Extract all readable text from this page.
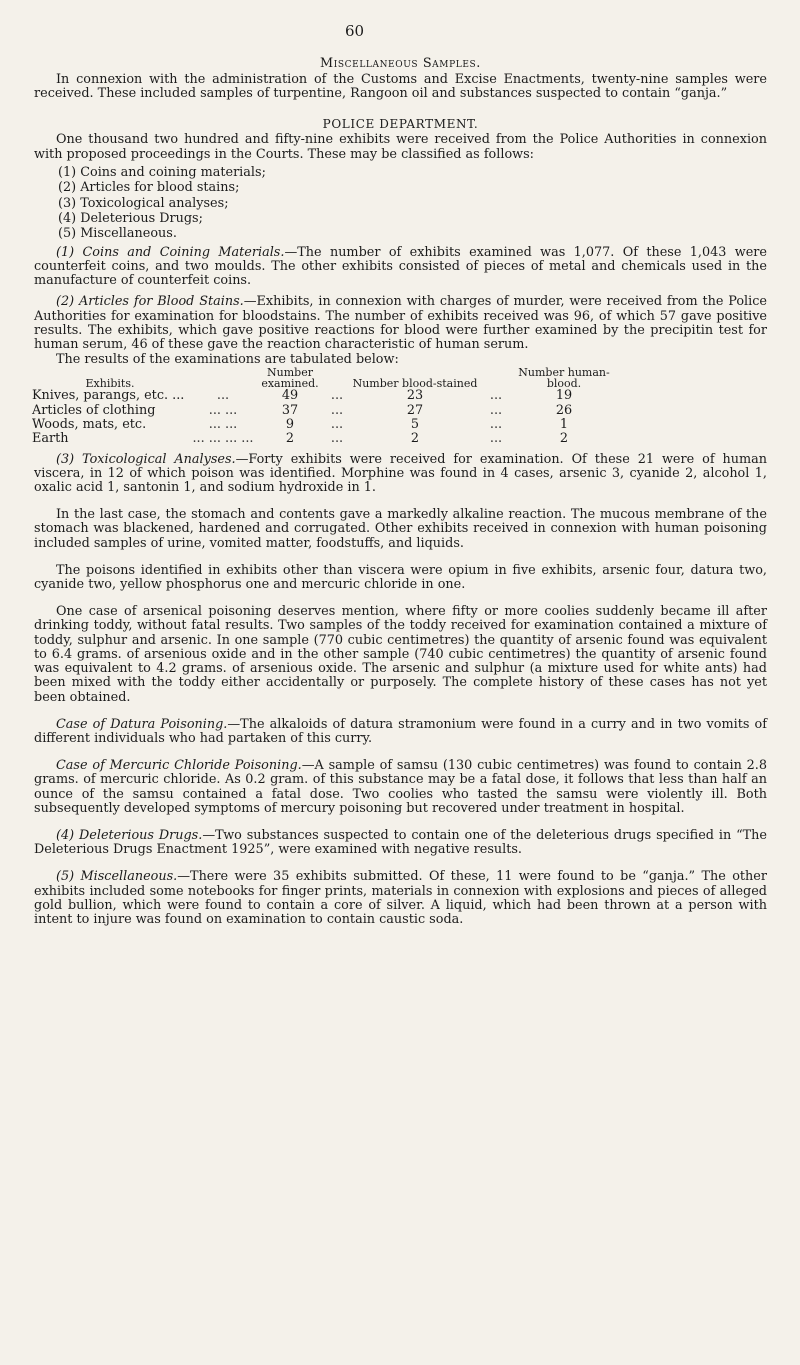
60
Miscellaneous Samples.

In connexion with the administration of the Customs and Excise Enactments, twenty-nine samples were received. These included samples of turpentine, Rangoon oil and substances suspected to contain “ganja.”

POLICE DEPARTMENT.

One thousand two hundred and fifty-nine exhibits were received from the Police Authorities in connexion with proposed proceedings in the Courts. These may be classified as follows:

(1) Coins and coining materials;
(2) Articles for blood stains;
(3) Toxicological analyses;
(4) Deleterious Drugs;
(5) Miscellaneous.

(1) Coins and Coining Materials.—The number of exhibits examined was 1,077. Of these 1,043 were counterfeit coins, and two moulds. The other exhibits consisted of pieces of metal and chemicals used in the manufacture of counterfeit coins.

(2) Articles for Blood Stains.—Exhibits, in connexion with charges of murder, were received from the Police Authorities for examination for bloodstains. The number of exhibits received was 96, of which 57 gave positive results. The exhibits, which gave positive reactions for blood were further examined by the precipitin test for human serum, 46 of these gave the reaction characteristic of human serum.

The results of the examinations are tabulated below:

Exhibits.		Number examined.		Number blood-stained		Number human-blood.
Knives, parangs, etc. ...	...	49	...	23	...	19
Articles of clothing	... ...	37	...	27	...	26
Woods, mats, etc.	... ...	9	...	5	...	1
Earth	... ... ... ...	2	...	2	...	2

(3) Toxicological Analyses.—Forty exhibits were received for examination. Of these 21 were of human viscera, in 12 of which poison was identified. Morphine was found in 4 cases, arsenic 3, cyanide 2, alcohol 1, oxalic acid 1, santonin 1, and sodium hydroxide in 1.

In the last case, the stomach and contents gave a markedly alkaline reaction. The mucous membrane of the stomach was blackened, hardened and corrugated. Other exhibits received in connexion with human poisoning included samples of urine, vomited matter, foodstuffs, and liquids.

The poisons identified in exhibits other than viscera were opium in five exhibits, arsenic four, datura two, cyanide two, yellow phosphorus one and mercuric chloride in one.

One case of arsenical poisoning deserves mention, where fifty or more coolies suddenly became ill after drinking toddy, without fatal results. Two samples of the toddy received for examination contained a mixture of toddy, sulphur and arsenic. In one sample (770 cubic centimetres) the quantity of arsenic found was equivalent to 6.4 grams. of arsenious oxide and in the other sample (740 cubic centimetres) the quantity of arsenic found was equivalent to 4.2 grams. of arsenious oxide. The arsenic and sulphur (a mixture used for white ants) had been mixed with the toddy either accidentally or purposely. The complete history of these cases has not yet been obtained.

Case of Datura Poisoning.—The alkaloids of datura stramonium were found in a curry and in two vomits of different individuals who had partaken of this curry.

Case of Mercuric Chloride Poisoning.—A sample of samsu (130 cubic centimetres) was found to contain 2.8 grams. of mercuric chloride. As 0.2 gram. of this substance may be a fatal dose, it follows that less than half an ounce of the samsu contained a fatal dose. Two coolies who tasted the samsu were violently ill. Both subsequently developed symptoms of mercury poisoning but recovered under treatment in hospital.

(4) Deleterious Drugs.—Two substances suspected to contain one of the deleterious drugs specified in “The Deleterious Drugs Enactment 1925”, were examined with negative results.

(5) Miscellaneous.—There were 35 exhibits submitted. Of these, 11 were found to be “ganja.” The other exhibits included some notebooks for finger prints, materials in connexion with explosions and pieces of alleged gold bullion, which were found to contain a core of silver. A liquid, which had been thrown at a person with intent to injure was found on examination to contain caustic soda.
